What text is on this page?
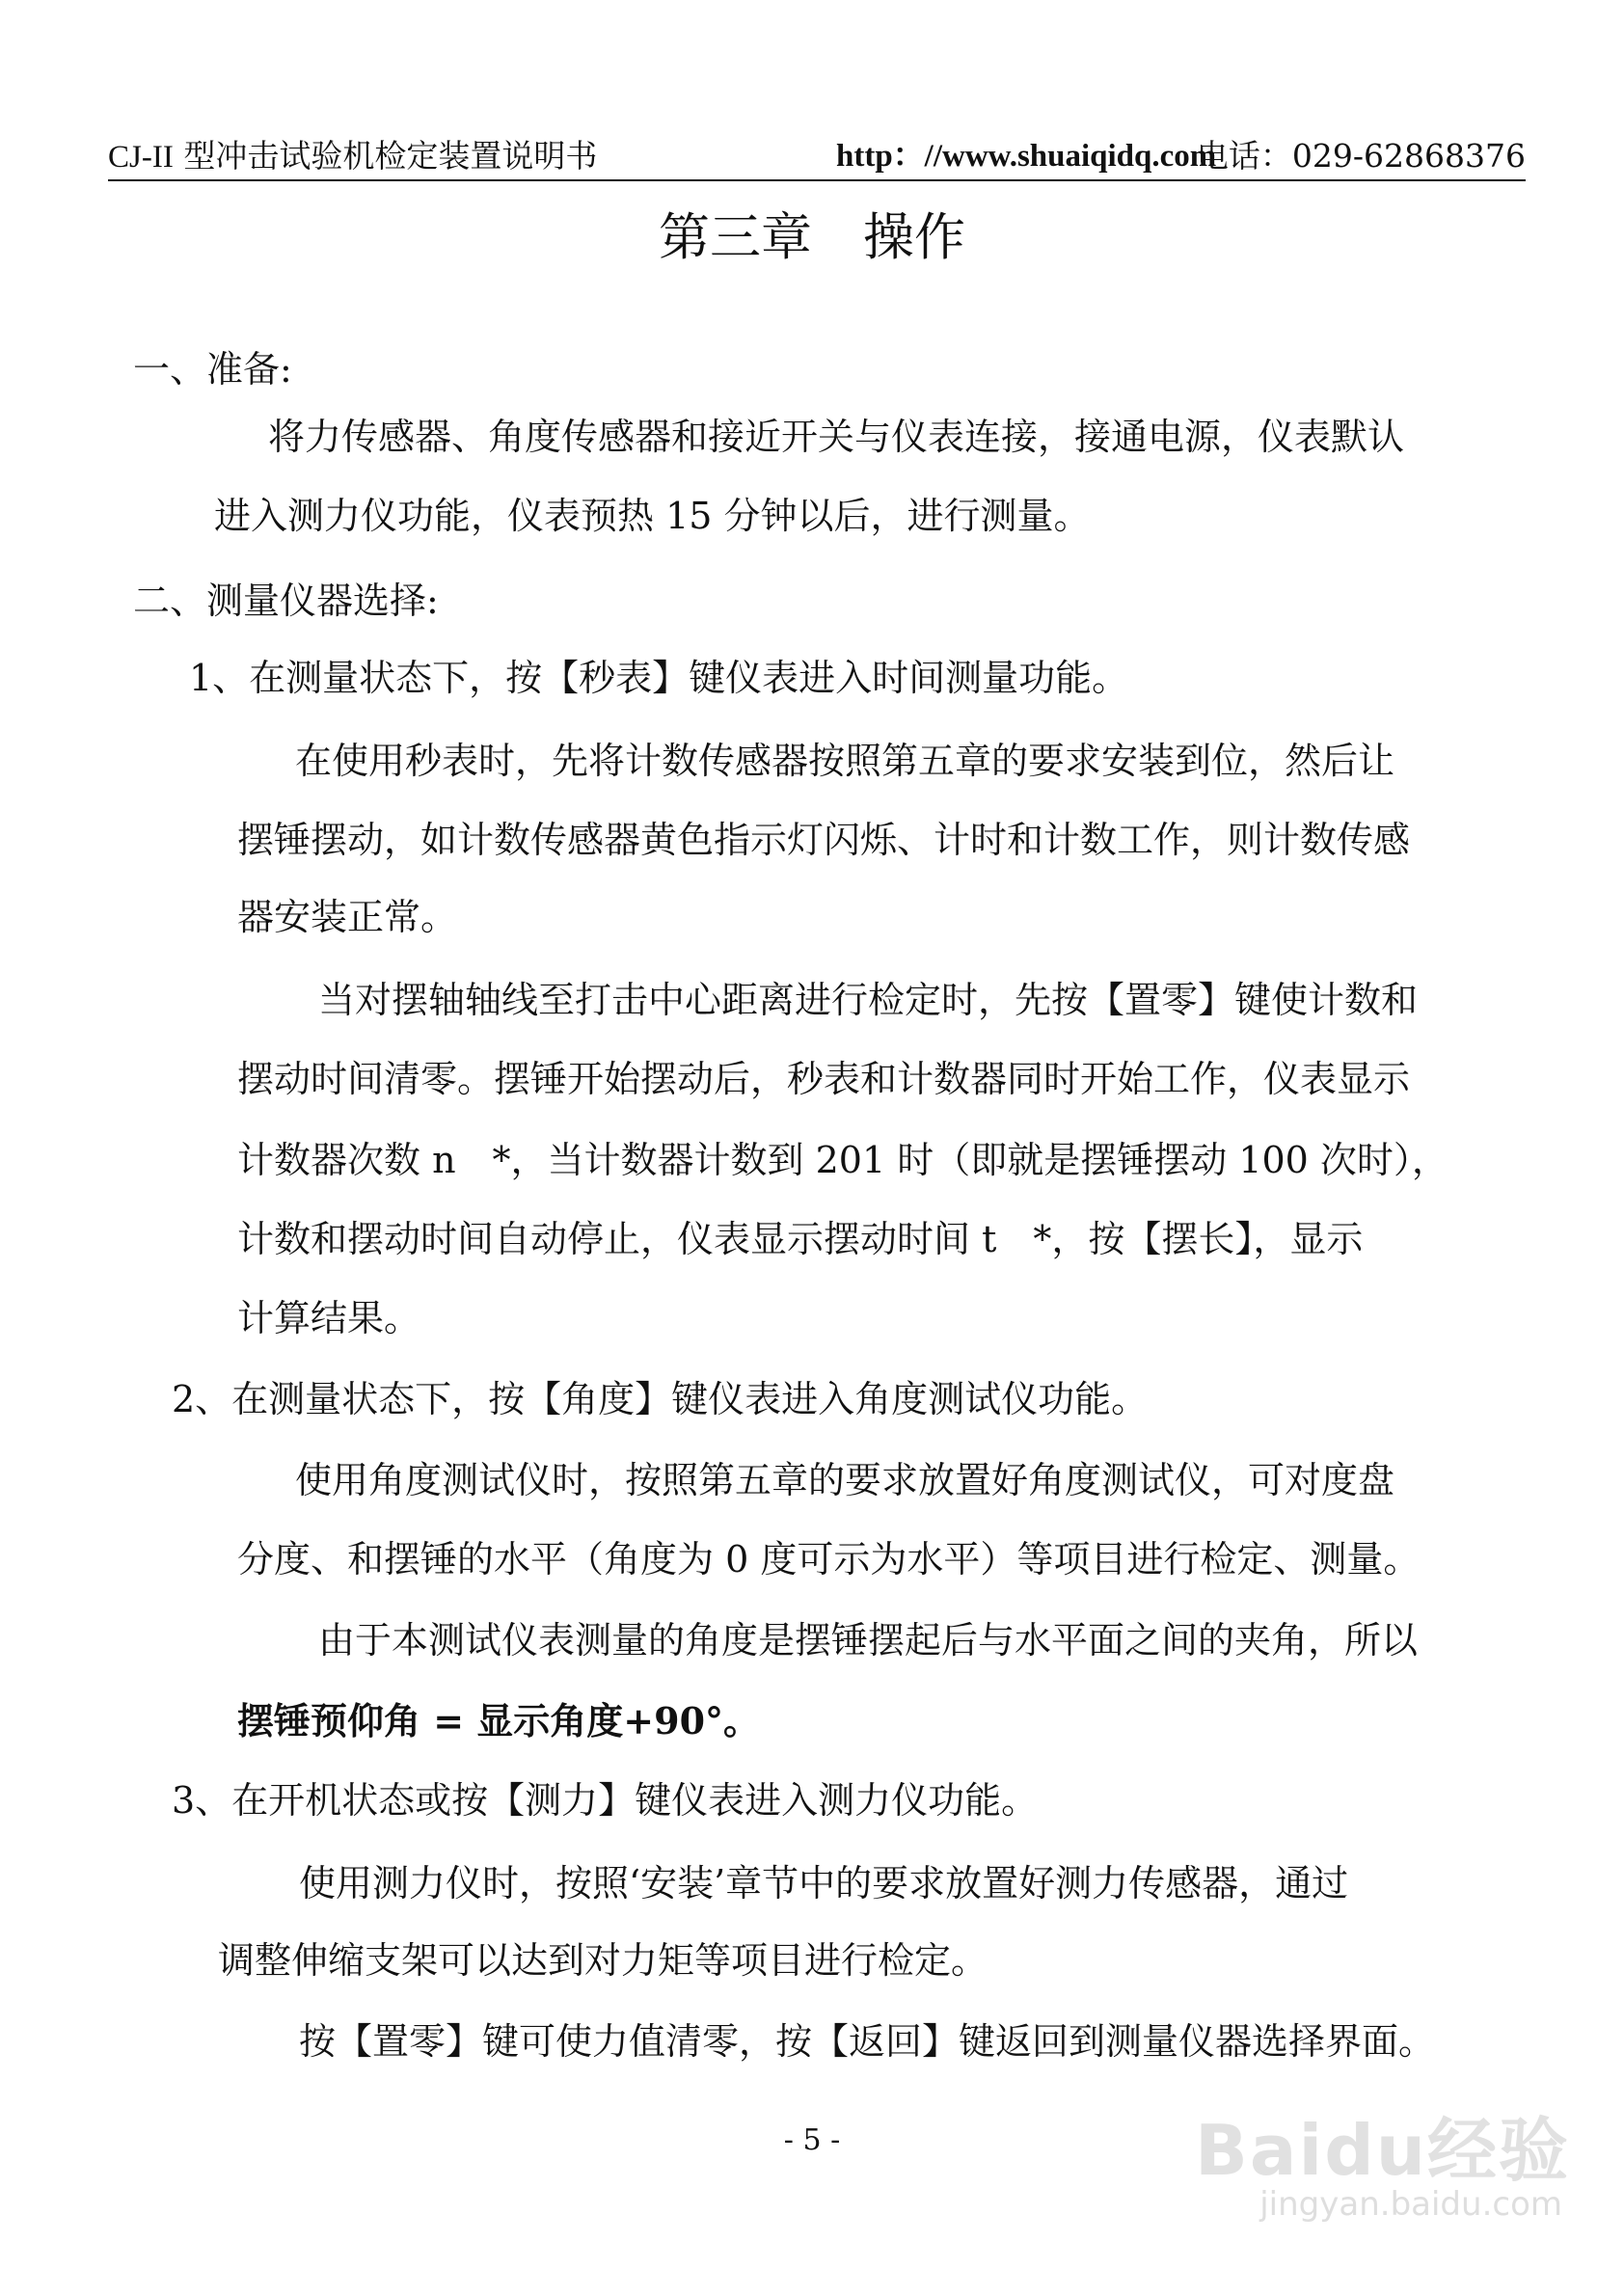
CJ-II 型冲击试验机检定装置说明书	http：//www.shuaiqidq.com
电话：029-62868376
第三章　操作
一、准备:
将力传感器、角度传感器和接近开关与仪表连接，接通电源，仪表默认
进入测力仪功能，仪表预热 15 分钟以后，进行测量。
二、测量仪器选择:
1、在测量状态下，按【秒表】键仪表进入时间测量功能。
在使用秒表时，先将计数传感器按照第五章的要求安装到位，然后让
摆锤摆动，如计数传感器黄色指示灯闪烁、计时和计数工作，则计数传感
器安装正常。
当对摆轴轴线至打击中心距离进行检定时，先按【置零】键使计数和
摆动时间清零。摆锤开始摆动后，秒表和计数器同时开始工作，仪表显示
计数器次数 n　*，当计数器计数到 201 时（即就是摆锤摆动 100 次时），
计数和摆动时间自动停止，仪表显示摆动时间 t　*，按【摆长】，显示
计算结果。
2、在测量状态下，按【角度】键仪表进入角度测试仪功能。
使用角度测试仪时，按照第五章的要求放置好角度测试仪，可对度盘
分度、和摆锤的水平（角度为 0 度可示为水平）等项目进行检定、测量。
由于本测试仪表测量的角度是摆锤摆起后与水平面之间的夹角，所以
摆锤预仰角 = 显示角度+90°。
3、在开机状态或按【测力】键仪表进入测力仪功能。
使用测力仪时，按照‘安装’章节中的要求放置好测力传感器，通过
调整伸缩支架可以达到对力矩等项目进行检定。
按【置零】键可使力值清零，按【返回】键返回到测量仪器选择界面。
- 5 -	Baidu经验
jingyan.baidu.com
